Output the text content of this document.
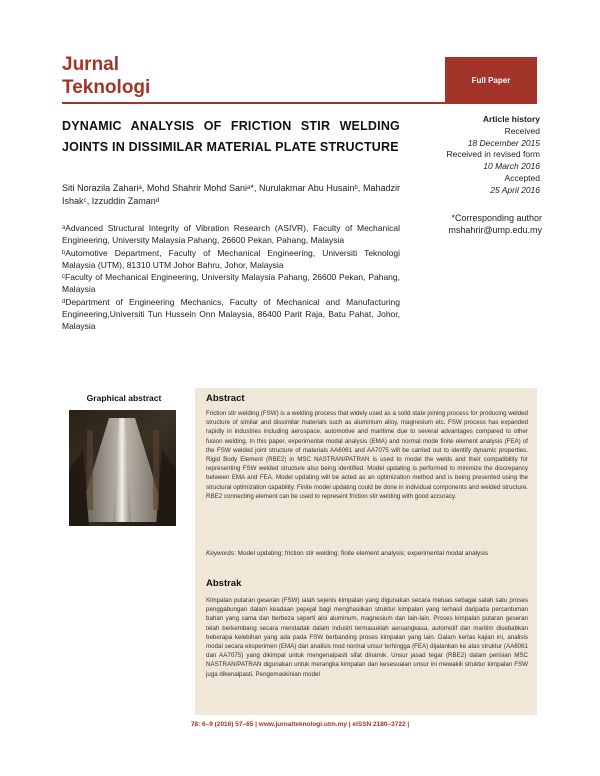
Jurnal
Teknologi	Full Paper
DYNAMIC ANALYSIS OF FRICTION STIR WELDING JOINTS IN DISSIMILAR MATERIAL PLATE STRUCTURE
Article history
Received
18 December 2015
Received in revised form
10 March 2016
Accepted
25 April 2016
Siti Norazila Zahariᵃ, Mohd Shahrir Mohd Saniᵃ*, Nurulakmar Abu Husainᵇ, Mahadzir Ishakᶜ, Izzuddin Zamanᵈ
*Corresponding author
mshahrir@ump.edu.my

ᵃAdvanced Structural Integrity of Vibration Research (ASIVR), Faculty of Mechanical Engineering, University Malaysia Pahang, 26600 Pekan, Pahang, Malaysia

ᵇAutomotive Department, Faculty of Mechanical Engineering, Universiti Teknologi Malaysia (UTM), 81310 UTM Johor Bahru, Johor, Malaysia

ᶜFaculty of Mechanical Engineering, University Malaysia Pahang, 26600 Pekan, Pahang, Malaysia

ᵈDepartment of Engineering Mechanics, Faculty of Mechanical and Manufacturing Engineering,Universiti Tun Hussein Onn Malaysia, 86400 Parit Raja, Batu Pahat, Johor, Malaysia

Graphical abstract	Abstract

Friction stir welding (FSW) is a welding process that widely used as a solid state joining process for producing welded structure of similar and dissimilar materials such as aluminium alloy, magnesium etc. FSW process has expanded rapidly in industries including aerospace, automotive and maritime due to several advantages compared to other fusion welding. In this paper, experimental modal analysis (EMA) and normal mode finite element analysis (FEA) of the FSW welded joint structure of materials AA6061 and AA7075 will be carried out to identify dynamic properties. Rigid Body Element (RBE2) in MSC NASTRAN/PATRAN is used to model the welds and their compatibility for representing FSW welded structure also being identified. Model updating is performed to minimize the discrepancy between EMA and FEA. Model updating will be acted as an optimization method and is being presented using the structural optimization capability. Finite model updating could be done in individual components and welded structure. RBE2 connecting element can be used to represent friction stir welding with good accuracy.

Keywords: Model updating; friction stir welding; finite element analysis; experimental modal analysis
Abstrak

Kimpalan putaran geseran (FSW) ialah sejenis kimpalan yang digunakan secara meluas sebagai salah satu proses penggabungan dalam keadaan pepejal bagi menghasilkan struktur kimpalan yang terhasil daripada percantuman bahan yang sama dan berbeza seperti aloi aluminum, magnesium dan lain-lain. Proses kimpalan putaran geseran telah berkembang secara mendadak dalam industri termasuklah aeroangkasa, automotif dan maritim disebabkan beberapa kelebihan yang ada pada FSW berbanding proses kimpalan yang lain. Dalam kertas kajian ini, analisis modal secara eksperimen (EMA) dan analisis mod normal unsur terhingga (FEA) dijalankan ke atas struktur (AA6061 dan AA7075) yang dikimpal untuk mengenalpasti sifat dinamik. Unsur jasad tegar (RBE2) dalam perisian MSC NASTRAN/PATRAN digunakan untuk merangka kimpalan dan kesesuaian unsur ini mewakili struktur kimpalan FSW juga dikenalpasti. Pengemaskinian model

78: 6–9 (2016) 57–65 | www.jurnalteknologi.utm.my | eISSN 2180–3722 |
